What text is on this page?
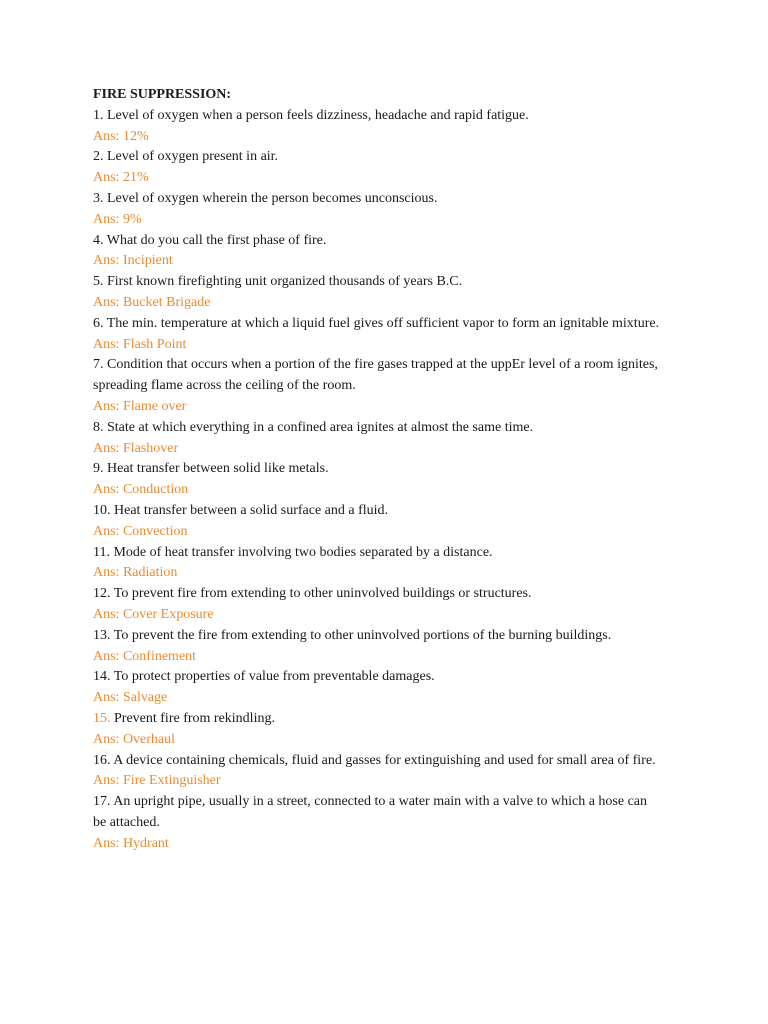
FIRE SUPPRESSION:
1. Level of oxygen when a person feels dizziness, headache and rapid fatigue.
Ans: 12%
2. Level of oxygen present in air.
Ans: 21%
3. Level of oxygen wherein the person becomes unconscious.
Ans: 9%
4. What do you call the first phase of fire.
Ans: Incipient
5. First known firefighting unit organized thousands of years B.C.
Ans: Bucket Brigade
6. The min. temperature at which a liquid fuel gives off sufficient vapor to form an ignitable mixture.
Ans: Flash Point
7. Condition that occurs when a portion of the fire gases trapped at the uppEr level of a room ignites, spreading flame across the ceiling of the room.
Ans: Flame over
8. State at which everything in a confined area ignites at almost the same time.
Ans: Flashover
9. Heat transfer between solid like metals.
Ans: Conduction
10. Heat transfer between a solid surface and a fluid.
Ans: Convection
11. Mode of heat transfer involving two bodies separated by a distance.
Ans: Radiation
12. To prevent fire from extending to other uninvolved buildings or structures.
Ans: Cover Exposure
13. To prevent the fire from extending to other uninvolved portions of the burning buildings.
Ans: Confinement
14. To protect properties of value from preventable damages.
Ans: Salvage
15. Prevent fire from rekindling.
Ans: Overhaul
16. A device containing chemicals, fluid and gasses for extinguishing and used for small area of fire.
Ans: Fire Extinguisher
17. An upright pipe, usually in a street, connected to a water main with a valve to which a hose can be attached.
Ans: Hydrant
